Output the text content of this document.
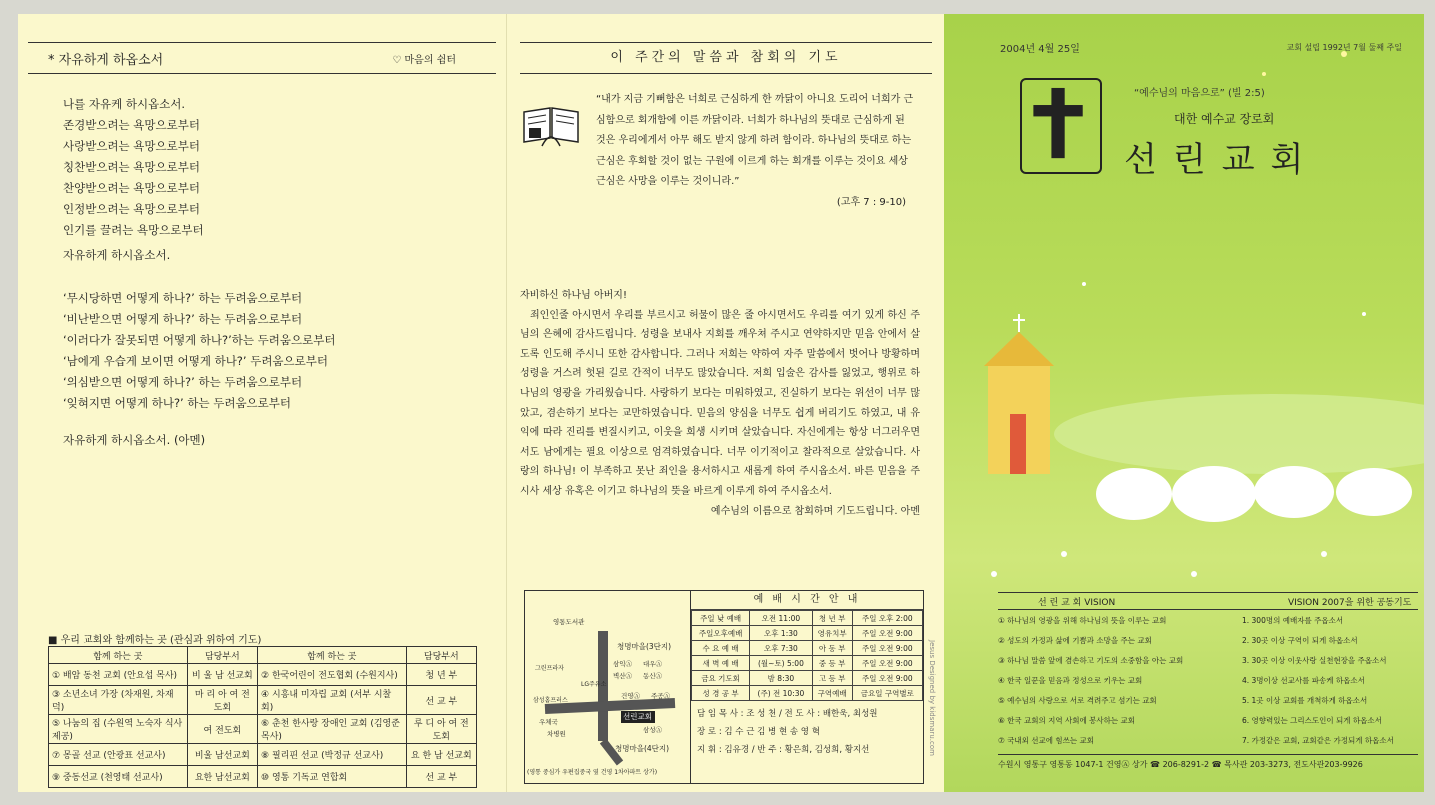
* 자유하게 하옵소서	♡ 마음의 쉼터
나를 자유케 하시옵소서.
존경받으려는 욕망으로부터
사랑받으려는 욕망으로부터
칭찬받으려는 욕망으로부터
찬양받으려는 욕망으로부터
인정받으려는 욕망으로부터
인기를 끌려는 욕망으로부터
자유하게 하시옵소서.
‘무시당하면 어떻게 하나?’ 하는 두려움으로부터
‘비난받으면 어떻게 하나?’ 하는 두려움으로부터
‘이러다가 잘못되면 어떻게 하나?’하는 두려움으로부터
‘남에게 우습게 보이면 어떻게 하나?’ 두려움으로부터
‘의심받으면 어떻게 하나?’ 하는 두려움으로부터
‘잊혀지면 어떻게 하나?’ 하는 두려움으로부터
자유하게 하시옵소서. (아멘)
■ 우리 교회와 함께하는 곳 (관심과 위하여 기도)
함께 하는 곳	담당부서	함께 하는 곳	담당부서
① 배암 동천 교회 (안요섭 목사)	비 울 남 선교회	② 한국어린이 전도협회 (수원지사)	청 년 부
③ 소년소녀 가장 (차재원, 차재덕)	마 리 아 여 전도회	④ 시흥내 미자립 교회 (서부 시찰회)	선 교 부
⑤ 나눔의 집 (수원역 노숙자 식사제공)	여 전도회	⑥ 춘천 한사랑 장애인 교회 (김영준 목사)	루 디 아 여 전도회
⑦ 몽골 선교 (안광표 선교사)	비울 남선교회	⑧ 필리핀 선교 (박정규 선교사)	요 한 남 선교회
⑨ 중동선교 (천영태 선교사)	요한 남선교회	⑩ 영통 기독교 연합회	선 교 부
이 주간의 말씀과 참회의 기도
“내가 지금 기뻐함은 너희로 근심하게 한 까닭이 아니요 도리어 너희가 근심함으로 회개함에 이른 까닭이라. 너희가 하나님의 뜻대로 근심하게 된 것은 우리에게서 아무 해도 받지 않게 하려 함이라. 하나님의 뜻대로 하는 근심은 후회할 것이 없는 구원에 이르게 하는 회개를 이루는 것이요 세상 근심은 사망을 이루는 것이니라.”
(고후 7 : 9-10)
자비하신 하나님 아버지!
죄인인줄 아시면서 우리를 부르시고 허물이 많은 줄 아시면서도 우리를 여기 있게 하신 주님의 은혜에 감사드립니다. 성령을 보내사 지회를 깨우쳐 주시고 연약하지만 믿음 안에서 살도록 인도해 주시니 또한 감사합니다. 그러나 저희는 약하여 자주 말씀에서 벗어나 방황하며 성령을 거스려 헛된 길로 간적이 너무도 많았습니다. 저희 입술은 감사를 잃었고, 행위로 하나님의 영광을 가리웠습니다. 사랑하기 보다는 미워하였고, 진실하기 보다는 위선이 너무 많았고, 겸손하기 보다는 교만하였습니다. 믿음의 양심을 너무도 쉽게 버리기도 하였고, 내 유익에 따라 진리를 변질시키고, 이웃을 희생 시키며 살았습니다. 자신에게는 항상 너그러우면서도 남에게는 필요 이상으로 엄격하였습니다. 너무 이기적이고 찰라적으로 살았습니다. 사랑의 하나님! 이 부족하고 못난 죄인을 용서하시고 새롭게 하여 주시옵소서. 바른 믿음을 주시사 세상 유혹은 이기고 하나님의 뜻을 바르게 이루게 하여 주시옵소서.
예수님의 이름으로 참회하며 기도드립니다. 아멘
영통도서관
청명마을(3단지)
그린프라자
삼익Ⓐ 대우Ⓐ
벽산Ⓐ 동신Ⓐ
삼성홈프러스
건영Ⓐ 주공Ⓐ
선린교회
삼성Ⓐ
우체국
청명마을(4단지)
LG주유소
차병원
(영통 중심가 우편집중국 옆 건영 1차아파트 상가)
예 배 시 간 안 내
주일 낮 예배	오전 11:00	청 년 부	주일 오후 2:00
주일오후예배	오후 1:30	영유치부	주일 오전 9:00
수 요 예 배	오후 7:30	아 동 부	주일 오전 9:00
새 벽 예 배	(월~토) 5:00	중 등 부	주일 오전 9:00
금요 기도회	밤 8:30	고 등 부	주일 오전 9:00
성 경 공 부	(주) 전 10:30	구역예배	금요일 구역별로
담 임 목 사 : 조 성 천 / 전 도 사 : 배한욱, 최성원
장 로 : 김 수 근 김 병 현 송 영 혁
지 휘 : 김유경 / 반 주 : 황은희, 김성희, 황지선
2004년 4월 25일	교회 설립 1992년 7월 둘째 주일
“예수님의 마음으로” (빌 2:5)
대한 예수교 장로회
선린교회
선 린 교 회 VISION	VISION 2007을 위한 공동기도
① 하나님의 영광을 위해 하나님의 뜻을 이루는 교회	1. 300명의 예배자를 주옵소서
② 성도의 가정과 삶에 기쁨과 소망을 주는 교회	2. 30곳 이상 구역이 되게 하옵소서
③ 하나님 말씀 앞에 겸손하고 기도의 소중함을 아는 교회	3. 30곳 이상 이웃사랑 실천현장을 주옵소서
④ 한국 일꾼을 믿음과 정성으로 키우는 교회	4. 3명이상 선교사를 파송케 하옵소서
⑤ 예수님의 사랑으로 서로 격려주고 섬기는 교회	5. 1곳 이상 교회를 개척하게 하옵소서
⑥ 한국 교회의 지역 사회에 봉사하는 교회	6. 영향력있는 그리스도인이 되게 하옵소서
⑦ 국내외 선교에 힘쓰는 교회	7. 가정같은 교회, 교회같은 가정되게 하옵소서
수원시 영통구 영통동 1047-1 건영Ⓐ 상가 ☎ 206-8291-2 ☎ 목사관 203-3273, 전도사관203-9926
Jesus Designed by kidsmaru.com
